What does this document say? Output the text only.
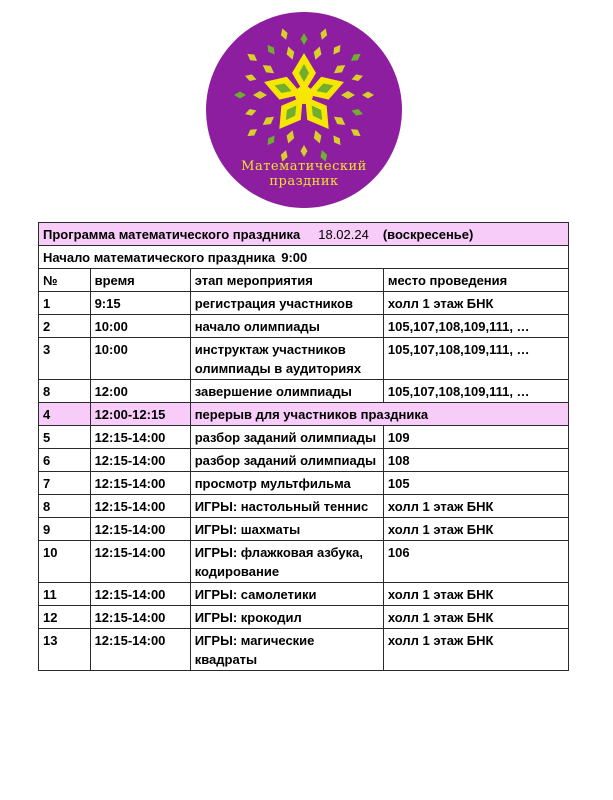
Математический
праздник
Программа математического праздника 18.02.24 (воскресенье)			
Начало математического праздника 9:00			
№	время	этап мероприятия	место проведения
1	9:15	регистрация участников	холл 1 этаж БНК
2	10:00	начало олимпиады	105,107,108,109,111, …
3	10:00	инструктаж участников олимпиады в аудиториях	105,107,108,109,111, …
8	12:00	завершение олимпиады	105,107,108,109,111, …
4	12:00-12:15	перерыв для участников праздника	
5	12:15-14:00	разбор заданий олимпиады	109
6	12:15-14:00	разбор заданий олимпиады	108
7	12:15-14:00	просмотр мультфильма	105
8	12:15-14:00	ИГРЫ: настольный теннис	холл 1 этаж БНК
9	12:15-14:00	ИГРЫ: шахматы	холл 1 этаж БНК
10	12:15-14:00	ИГРЫ: флажковая азбука, кодирование	106
11	12:15-14:00	ИГРЫ: самолетики	холл 1 этаж БНК
12	12:15-14:00	ИГРЫ: крокодил	холл 1 этаж БНК
13	12:15-14:00	ИГРЫ: магические квадраты	холл 1 этаж БНК
